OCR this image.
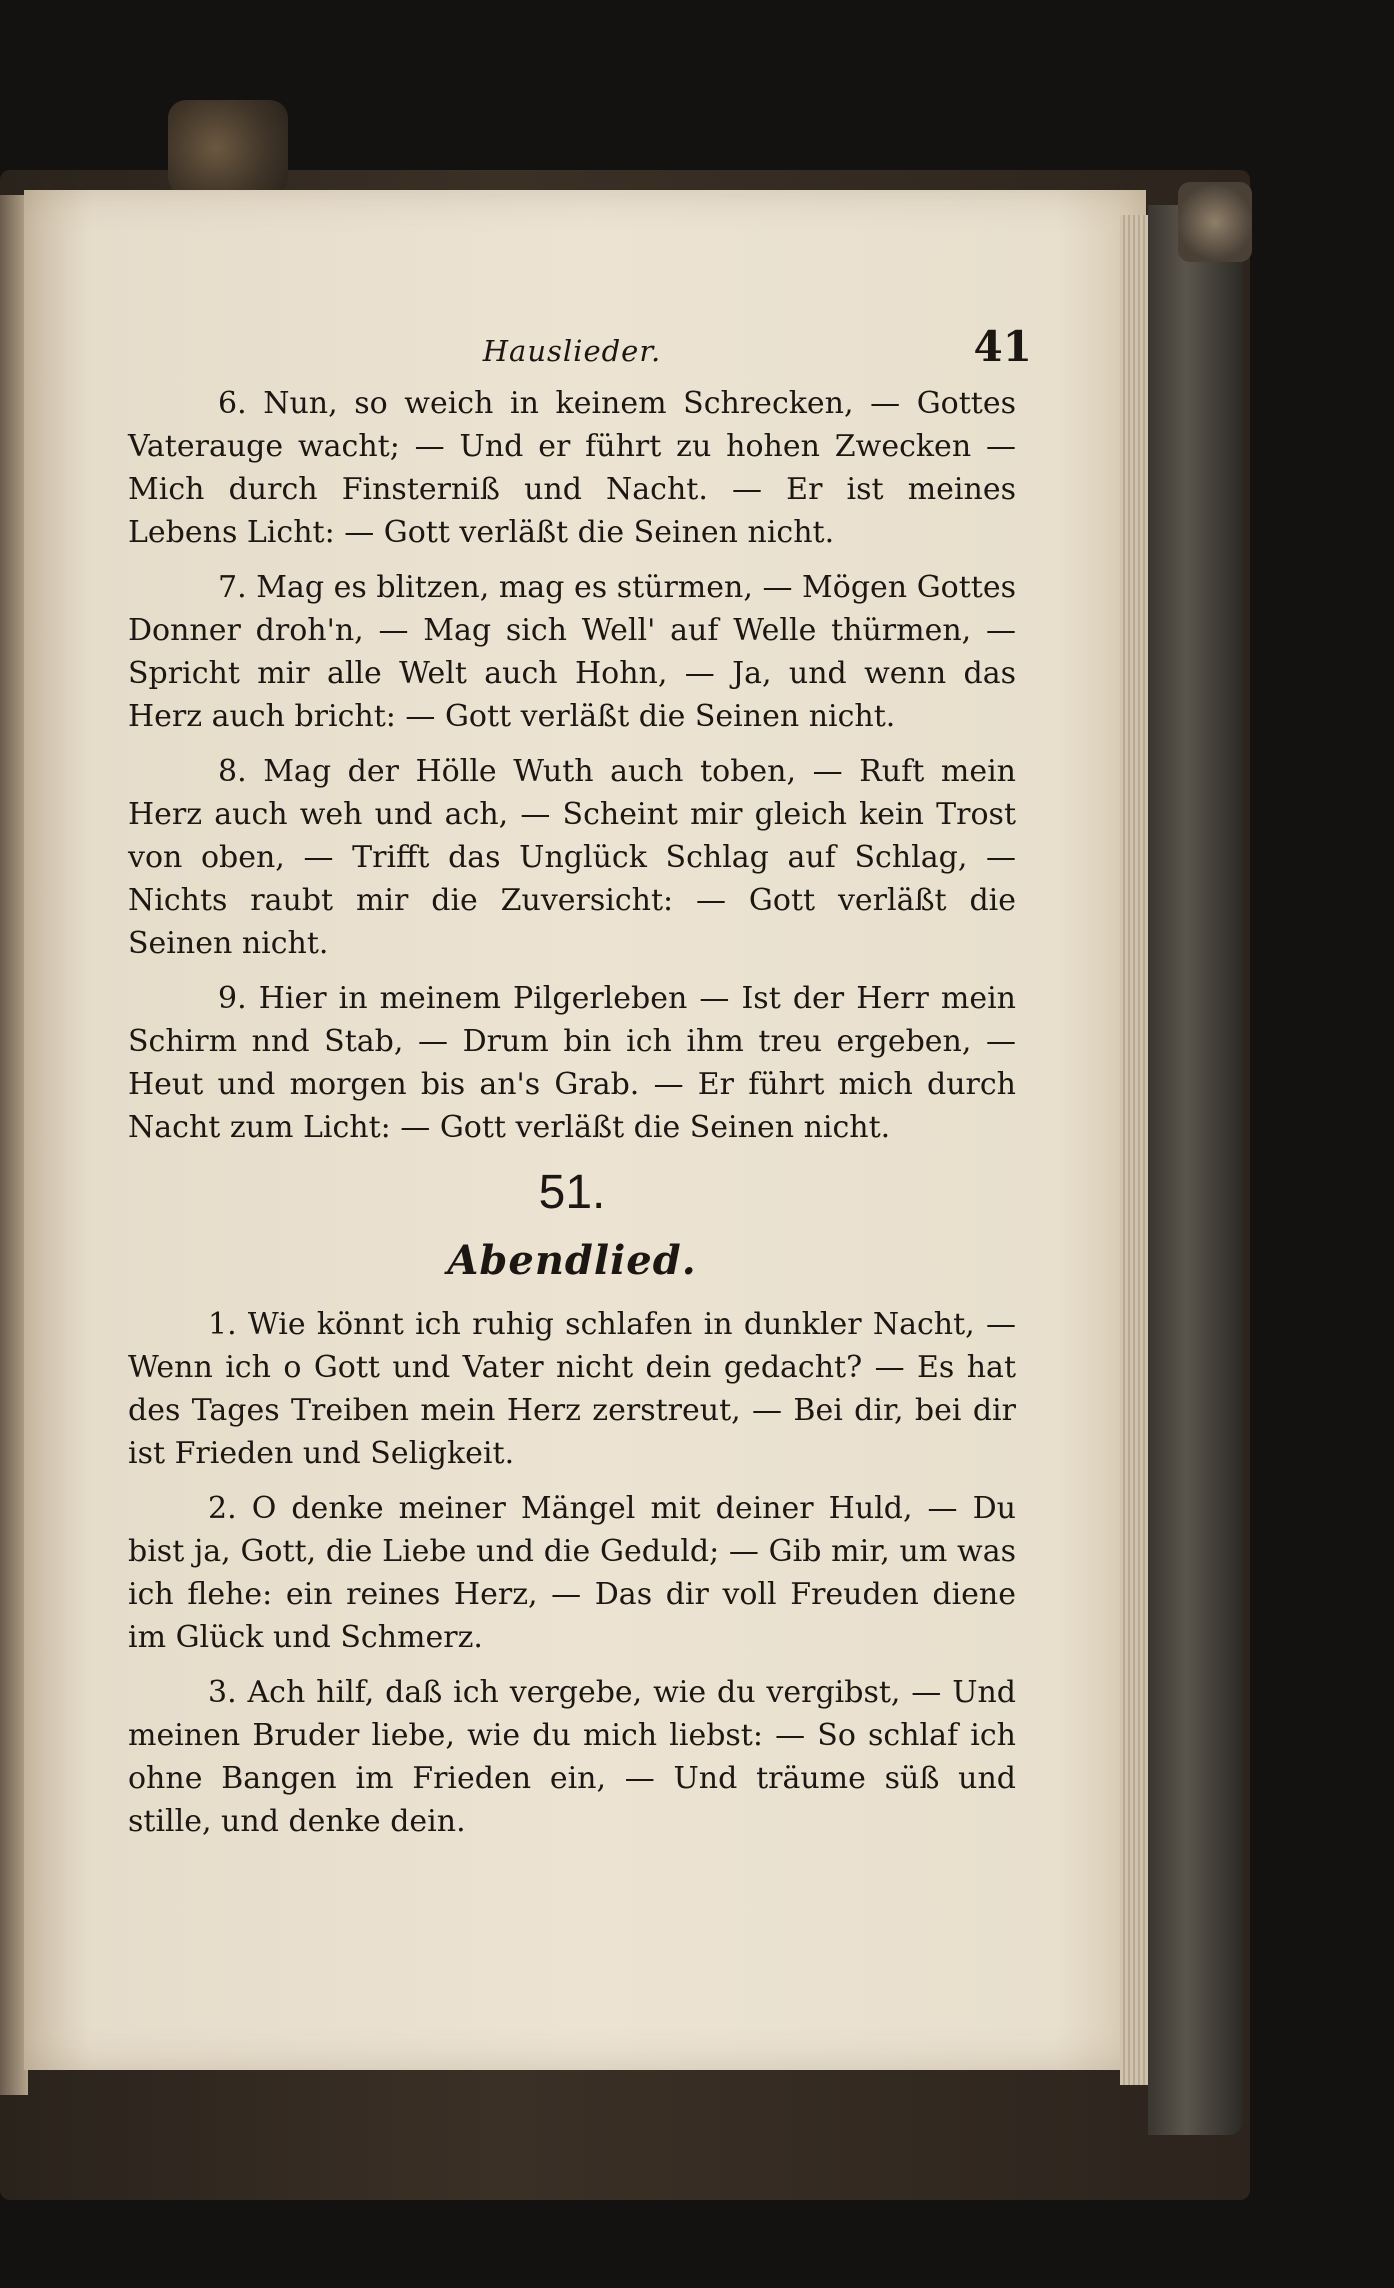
Hauslieder.	41

6. Nun, so weich in keinem Schrecken, — Gottes Vaterauge wacht; — Und er führt zu hohen Zwecken — Mich durch Finsterniß und Nacht. — Er ist meines Lebens Licht: — Gott verläßt die Seinen nicht.

7. Mag es blitzen, mag es stürmen, — Mögen Gottes Donner droh'n, — Mag sich Well' auf Welle thürmen, — Spricht mir alle Welt auch Hohn, — Ja, und wenn das Herz auch bricht: — Gott verläßt die Seinen nicht.

8. Mag der Hölle Wuth auch toben, — Ruft mein Herz auch weh und ach, — Scheint mir gleich kein Trost von oben, — Trifft das Unglück Schlag auf Schlag, — Nichts raubt mir die Zuversicht: — Gott verläßt die Seinen nicht.

9. Hier in meinem Pilgerleben — Ist der Herr mein Schirm nnd Stab, — Drum bin ich ihm treu ergeben, — Heut und morgen bis an's Grab. — Er führt mich durch Nacht zum Licht: — Gott verläßt die Seinen nicht.

51.
Abendlied.

1. Wie könnt ich ruhig schlafen in dunkler Nacht, — Wenn ich o Gott und Vater nicht dein gedacht? — Es hat des Tages Treiben mein Herz zerstreut, — Bei dir, bei dir ist Frieden und Seligkeit.

2. O denke meiner Mängel mit deiner Huld, — Du bist ja, Gott, die Liebe und die Geduld; — Gib mir, um was ich flehe: ein reines Herz, — Das dir voll Freuden diene im Glück und Schmerz.

3. Ach hilf, daß ich vergebe, wie du vergibst, — Und meinen Bruder liebe, wie du mich liebst: — So schlaf ich ohne Bangen im Frieden ein, — Und träume süß und stille, und denke dein.
